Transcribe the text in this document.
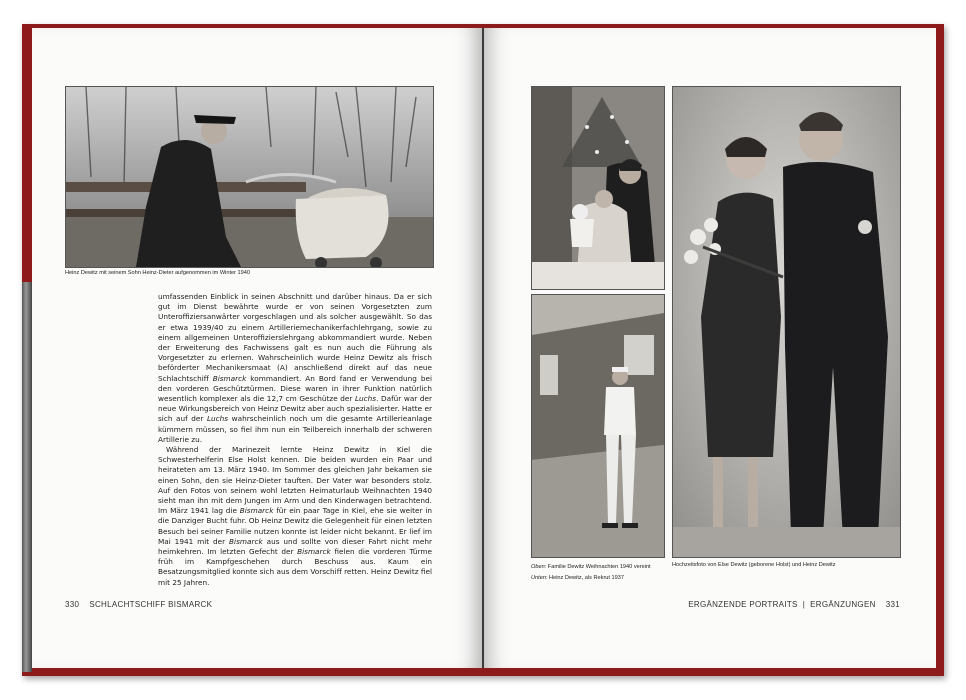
Heinz Dewitz mit seinem Sohn Heinz-Dieter aufgenommen im Winter 1940

umfassenden Einblick in seinen Abschnitt und darüber hinaus. Da er sich gut im Dienst bewährte wurde er von seinen Vorgesetzten zum Unteroffiziersanwärter vorgeschlagen und als solcher ausgewählt. So das er etwa 1939/40 zu einem Artilleriemechanikerfachlehrgang, sowie zu einem allgemeinen Unteroffizierslehrgang abkommandiert wurde. Neben der Erweiterung des Fachwissens galt es nun auch die Führung als Vorgesetzter zu erlernen. Wahrscheinlich wurde Heinz Dewitz als frisch beförderter Mechanikersmaat (A) anschließend direkt auf das neue Schlachtschiff Bismarck kommandiert. An Bord fand er Verwendung bei den vorderen Geschütztürmen. Diese waren in ihrer Funktion natürlich wesentlich komplexer als die 12,7 cm Geschütze der Luchs. Dafür war der neue Wirkungsbereich von Heinz Dewitz aber auch spezialisierter. Hatte er sich auf der Luchs wahrscheinlich noch um die gesamte Artillerieanlage kümmern müssen, so fiel ihm nun ein Teilbereich innerhalb der schweren Artillerie zu.

Während der Marinezeit lernte Heinz Dewitz in Kiel die Schwesterhelferin Else Holst kennen. Die beiden wurden ein Paar und heirateten am 13. März 1940. Im Sommer des gleichen Jahr bekamen sie einen Sohn, den sie Heinz-Dieter tauften. Der Vater war besonders stolz. Auf den Fotos von seinem wohl letzten Heimaturlaub Weihnachten 1940 sieht man ihn mit dem Jungen im Arm und den Kinderwagen betrachtend. Im März 1941 lag die Bismarck für ein paar Tage in Kiel, ehe sie weiter in die Danziger Bucht fuhr. Ob Heinz Dewitz die Gelegenheit für einen letzten Besuch bei seiner Familie nutzen konnte ist leider nicht bekannt. Er lief im Mai 1941 mit der Bismarck aus und sollte von dieser Fahrt nicht mehr heimkehren. Im letzten Gefecht der Bismarck fielen die vorderen Türme früh im Kampfgeschehen durch Beschuss aus. Kaum ein Besatzungsmitglied konnte sich aus dem Vorschiff retten. Heinz Dewitz fiel mit 25 Jahren.

330 SCHLACHTSCHIFF BISMARCK
Oben: Familie Dewitz Weihnachten 1940 vereint
Unten: Heinz Dewitz, als Rekrut 1937
Hochzeitsfoto von Else Dewitz (geborene Holst) und Heinz Dewitz
ERGÄNZENDE PORTRAITS  |  ERGÄNZUNGEN 331
